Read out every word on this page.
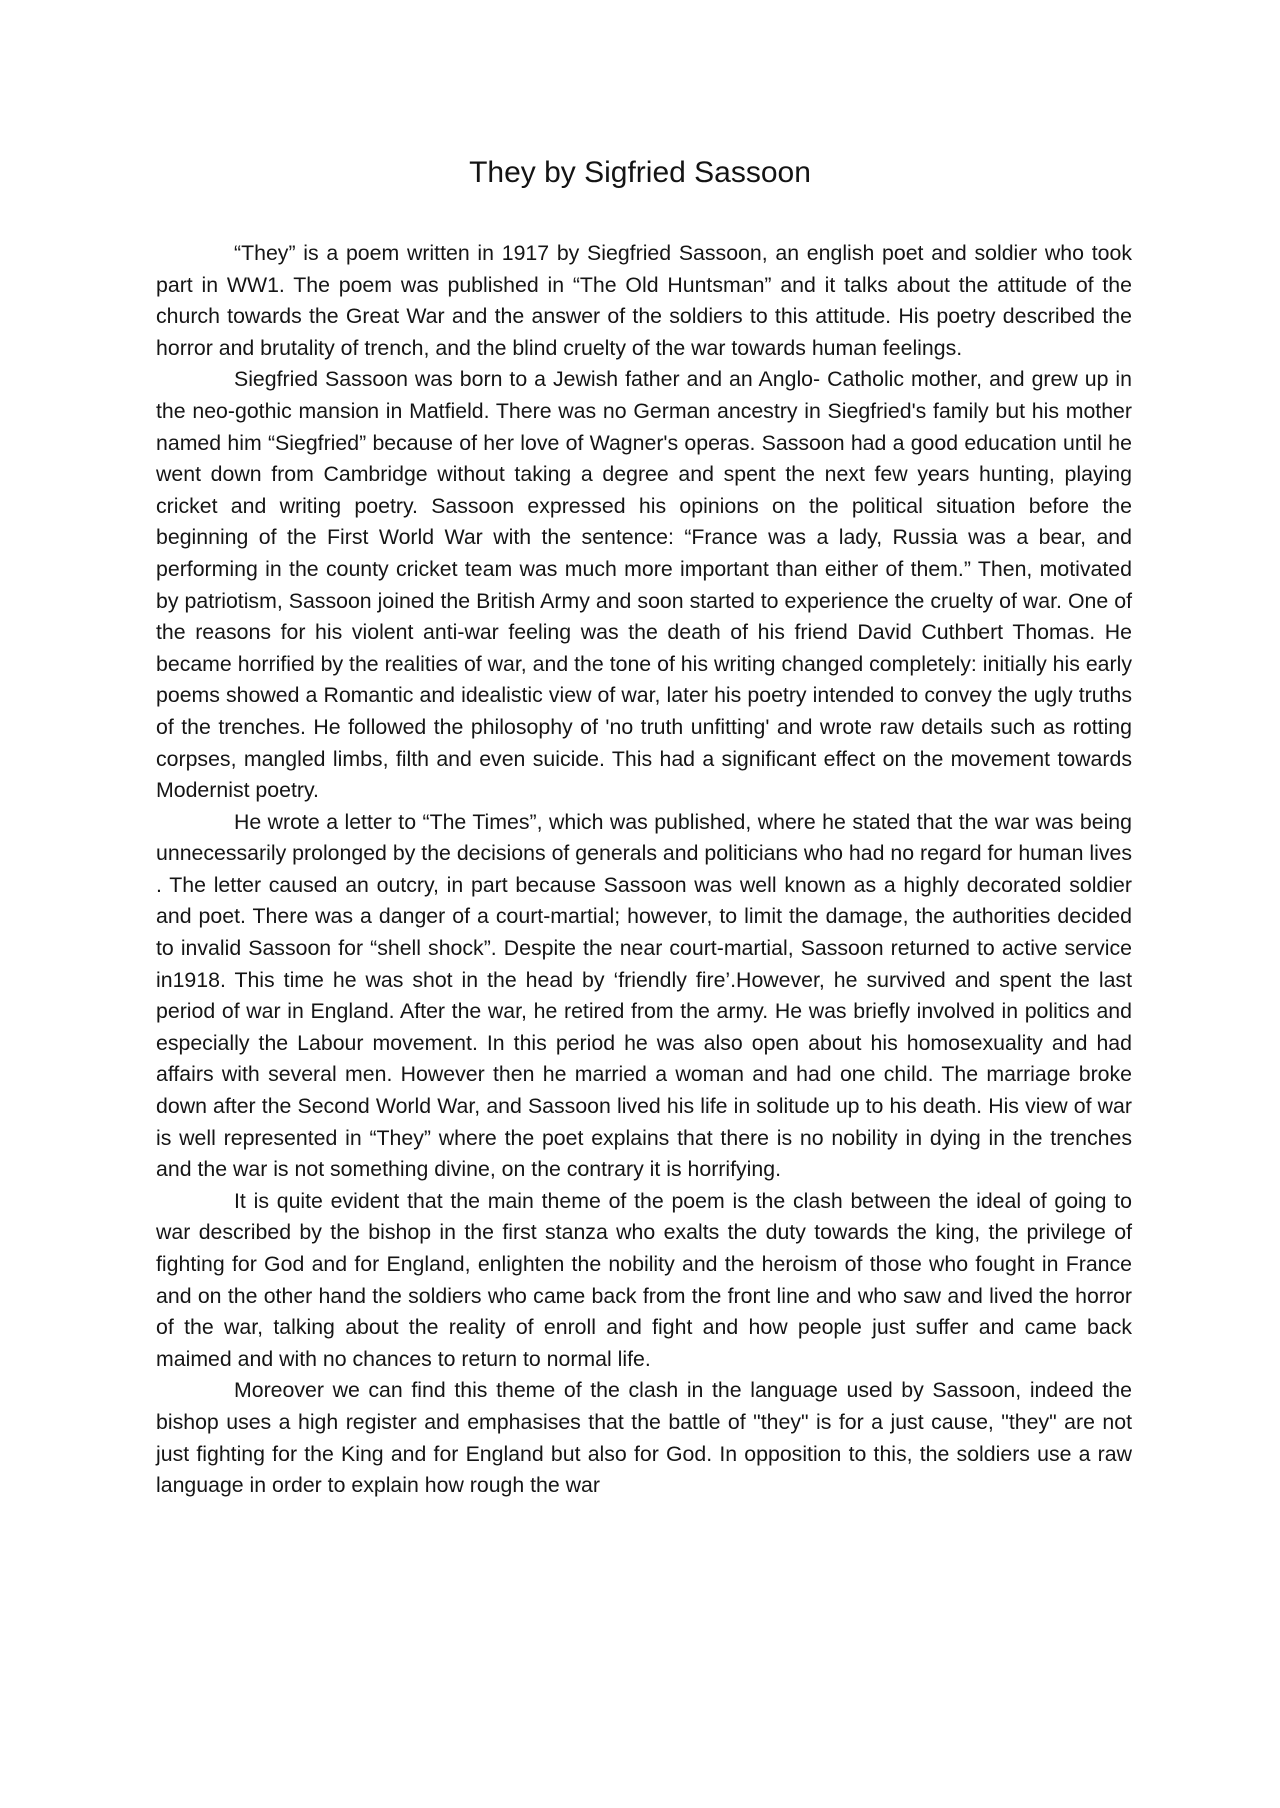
They by Sigfried Sassoon

“They” is a poem written in 1917 by Siegfried Sassoon, an english poet and soldier who took part in WW1. The poem was published in “The Old Huntsman” and it talks about the attitude of the church towards the Great War and the answer of the soldiers to this attitude. His poetry described the horror and brutality of trench, and the blind cruelty of the war towards human feelings.

Siegfried Sassoon was born to a Jewish father and an Anglo- Catholic mother, and grew up in the neo-gothic mansion in Matfield. There was no German ancestry in Siegfried's family but his mother named him “Siegfried” because of her love of Wagner's operas. Sassoon had a good education until he went down from Cambridge without taking a degree and spent the next few years hunting, playing cricket and writing poetry. Sassoon expressed his opinions on the political situation before the beginning of the First World War with the sentence: “France was a lady, Russia was a bear, and performing in the county cricket team was much more important than either of them.” Then, motivated by patriotism, Sassoon joined the British Army and soon started to experience the cruelty of war. One of the reasons for his violent anti-war feeling was the death of his friend David Cuthbert Thomas. He became horrified by the realities of war, and the tone of his writing changed completely: initially his early poems showed a Romantic and idealistic view of war, later his poetry intended to convey the ugly truths of the trenches. He followed the philosophy of 'no truth unfitting' and wrote raw details such as rotting corpses, mangled limbs, filth and even suicide. This had a significant effect on the movement towards Modernist poetry.

He wrote a letter to “The Times”, which was published, where he stated that the war was being unnecessarily prolonged by the decisions of generals and politicians who had no regard for human lives . The letter caused an outcry, in part because Sassoon was well known as a highly decorated soldier and poet. There was a danger of a court-martial; however, to limit the damage, the authorities decided to invalid Sassoon for “shell shock”. Despite the near court-martial, Sassoon returned to active service in1918. This time he was shot in the head by ‘friendly fire’.However, he survived and spent the last period of war in England. After the war, he retired from the army. He was briefly involved in politics and especially the Labour movement. In this period he was also open about his homosexuality and had affairs with several men. However then he married a woman and had one child. The marriage broke down after the Second World War, and Sassoon lived his life in solitude up to his death. His view of war is well represented in “They” where the poet explains that there is no nobility in dying in the trenches and the war is not something divine, on the contrary it is horrifying.

It is quite evident that the main theme of the poem is the clash between the ideal of going to war described by the bishop in the first stanza who exalts the duty towards the king, the privilege of fighting for God and for England, enlighten the nobility and the heroism of those who fought in France and on the other hand the soldiers who came back from the front line and who saw and lived the horror of the war, talking about the reality of enroll and fight and how people just suffer and came back maimed and with no chances to return to normal life.

Moreover we can find this theme of the clash in the language used by Sassoon, indeed the bishop uses a high register and emphasises that the battle of "they" is for a just cause, "they" are not just fighting for the King and for England but also for God. In opposition to this, the soldiers use a raw language in order to explain how rough the war
